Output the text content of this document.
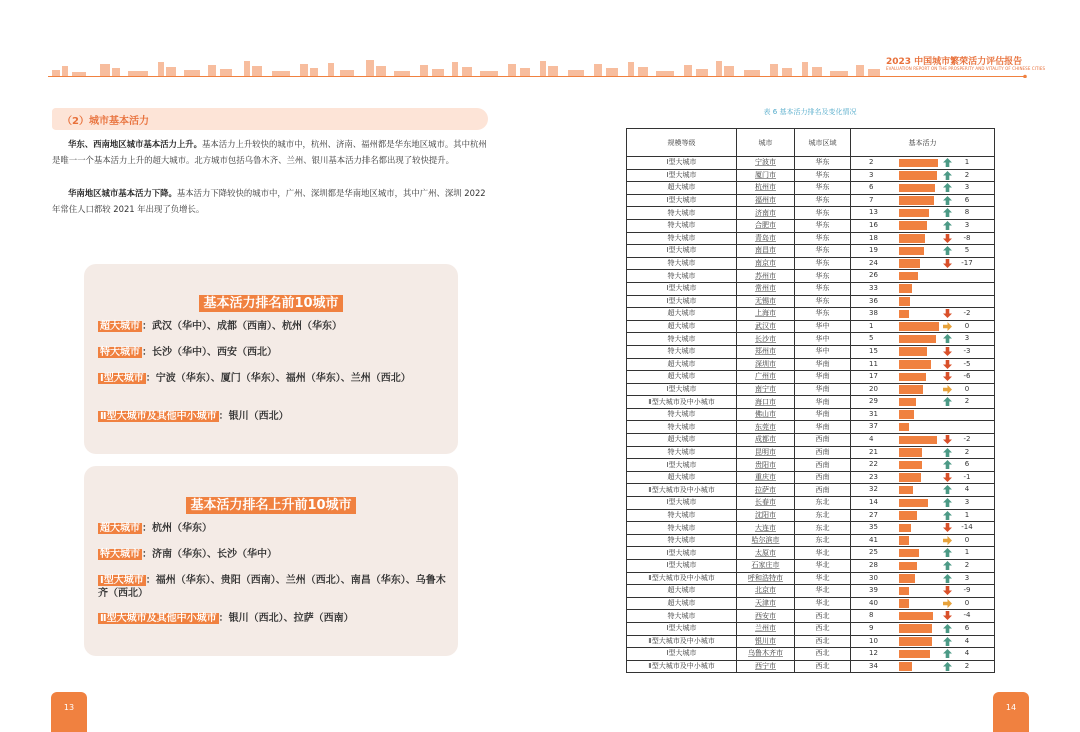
2023 中国城市繁荣活力评估报告
EVALUATION REPORT ON THE PROSPERITY AND VITALITY OF CHINESE CITIES
（2）城市基本活力
华东、西南地区城市基本活力上升。基本活力上升较快的城市中，杭州、济南、福州都是华东地区城市。其中杭州是唯一一个基本活力上升的超大城市。北方城市包括乌鲁木齐、兰州、银川基本活力排名都出现了较快提升。
华南地区城市基本活力下降。基本活力下降较快的城市中，广州、深圳都是华南地区城市，其中广州、深圳 2022 年常住人口都较 2021 年出现了负增长。
基本活力排名前10城市
超大城市 ：武汉（华中）、成都（西南）、杭州（华东）
特大城市 ：长沙（华中）、西安（西北）
Ⅰ型大城市 ：宁波（华东）、厦门（华东）、福州（华东）、兰州（西北）
Ⅱ型大城市及其他中小城市 ：银川（西北）
基本活力排名上升前10城市
超大城市 ：杭州（华东）
特大城市 ：济南（华东）、长沙（华中）
Ⅰ型大城市 ：福州（华东）、贵阳（西南）、兰州（西北）、南昌（华东）、乌鲁木齐（西北）
Ⅱ型大城市及其他中小城市 ：银川（西北）、拉萨（西南）
表 6 基本活力排名及变化情况
规模等级	城市	城市区域	基本活力
Ⅰ型大城市	宁波市	华东	2 1

Ⅰ型大城市	厦门市	华东	3 2

超大城市	杭州市	华东	6 3

Ⅰ型大城市	福州市	华东	7 6

特大城市	济南市	华东	13 8

特大城市	合肥市	华东	16 3

特大城市	青岛市	华东	18 -8

Ⅰ型大城市	南昌市	华东	19 5

特大城市	南京市	华东	24 -17

特大城市	苏州市	华东	26

Ⅰ型大城市	常州市	华东	33

Ⅰ型大城市	无锡市	华东	36

超大城市	上海市	华东	38 -2

超大城市	武汉市	华中	1 0

特大城市	长沙市	华中	5 3

特大城市	郑州市	华中	15 -3

超大城市	深圳市	华南	11 -5

超大城市	广州市	华南	17 -6

Ⅰ型大城市	南宁市	华南	20 0

Ⅱ型大城市及中小城市	海口市	华南	29 2

特大城市	佛山市	华南	31

特大城市	东莞市	华南	37

超大城市	成都市	西南	4 -2

特大城市	昆明市	西南	21 2

Ⅰ型大城市	贵阳市	西南	22 6

超大城市	重庆市	西南	23 -1

Ⅱ型大城市及中小城市	拉萨市	西南	32 4

Ⅰ型大城市	长春市	东北	14 3

特大城市	沈阳市	东北	27 1

特大城市	大连市	东北	35 -14

特大城市	哈尔滨市	东北	41 0

Ⅰ型大城市	太原市	华北	25 1

Ⅰ型大城市	石家庄市	华北	28 2

Ⅱ型大城市及中小城市	呼和浩特市	华北	30 3

超大城市	北京市	华北	39 -9

超大城市	天津市	华北	40 0

特大城市	西安市	西北	8 -4

Ⅰ型大城市	兰州市	西北	9 6

Ⅱ型大城市及中小城市	银川市	西北	10 4

Ⅰ型大城市	乌鲁木齐市	西北	12 4

Ⅱ型大城市及中小城市	西宁市	西北	34 2
13	14
